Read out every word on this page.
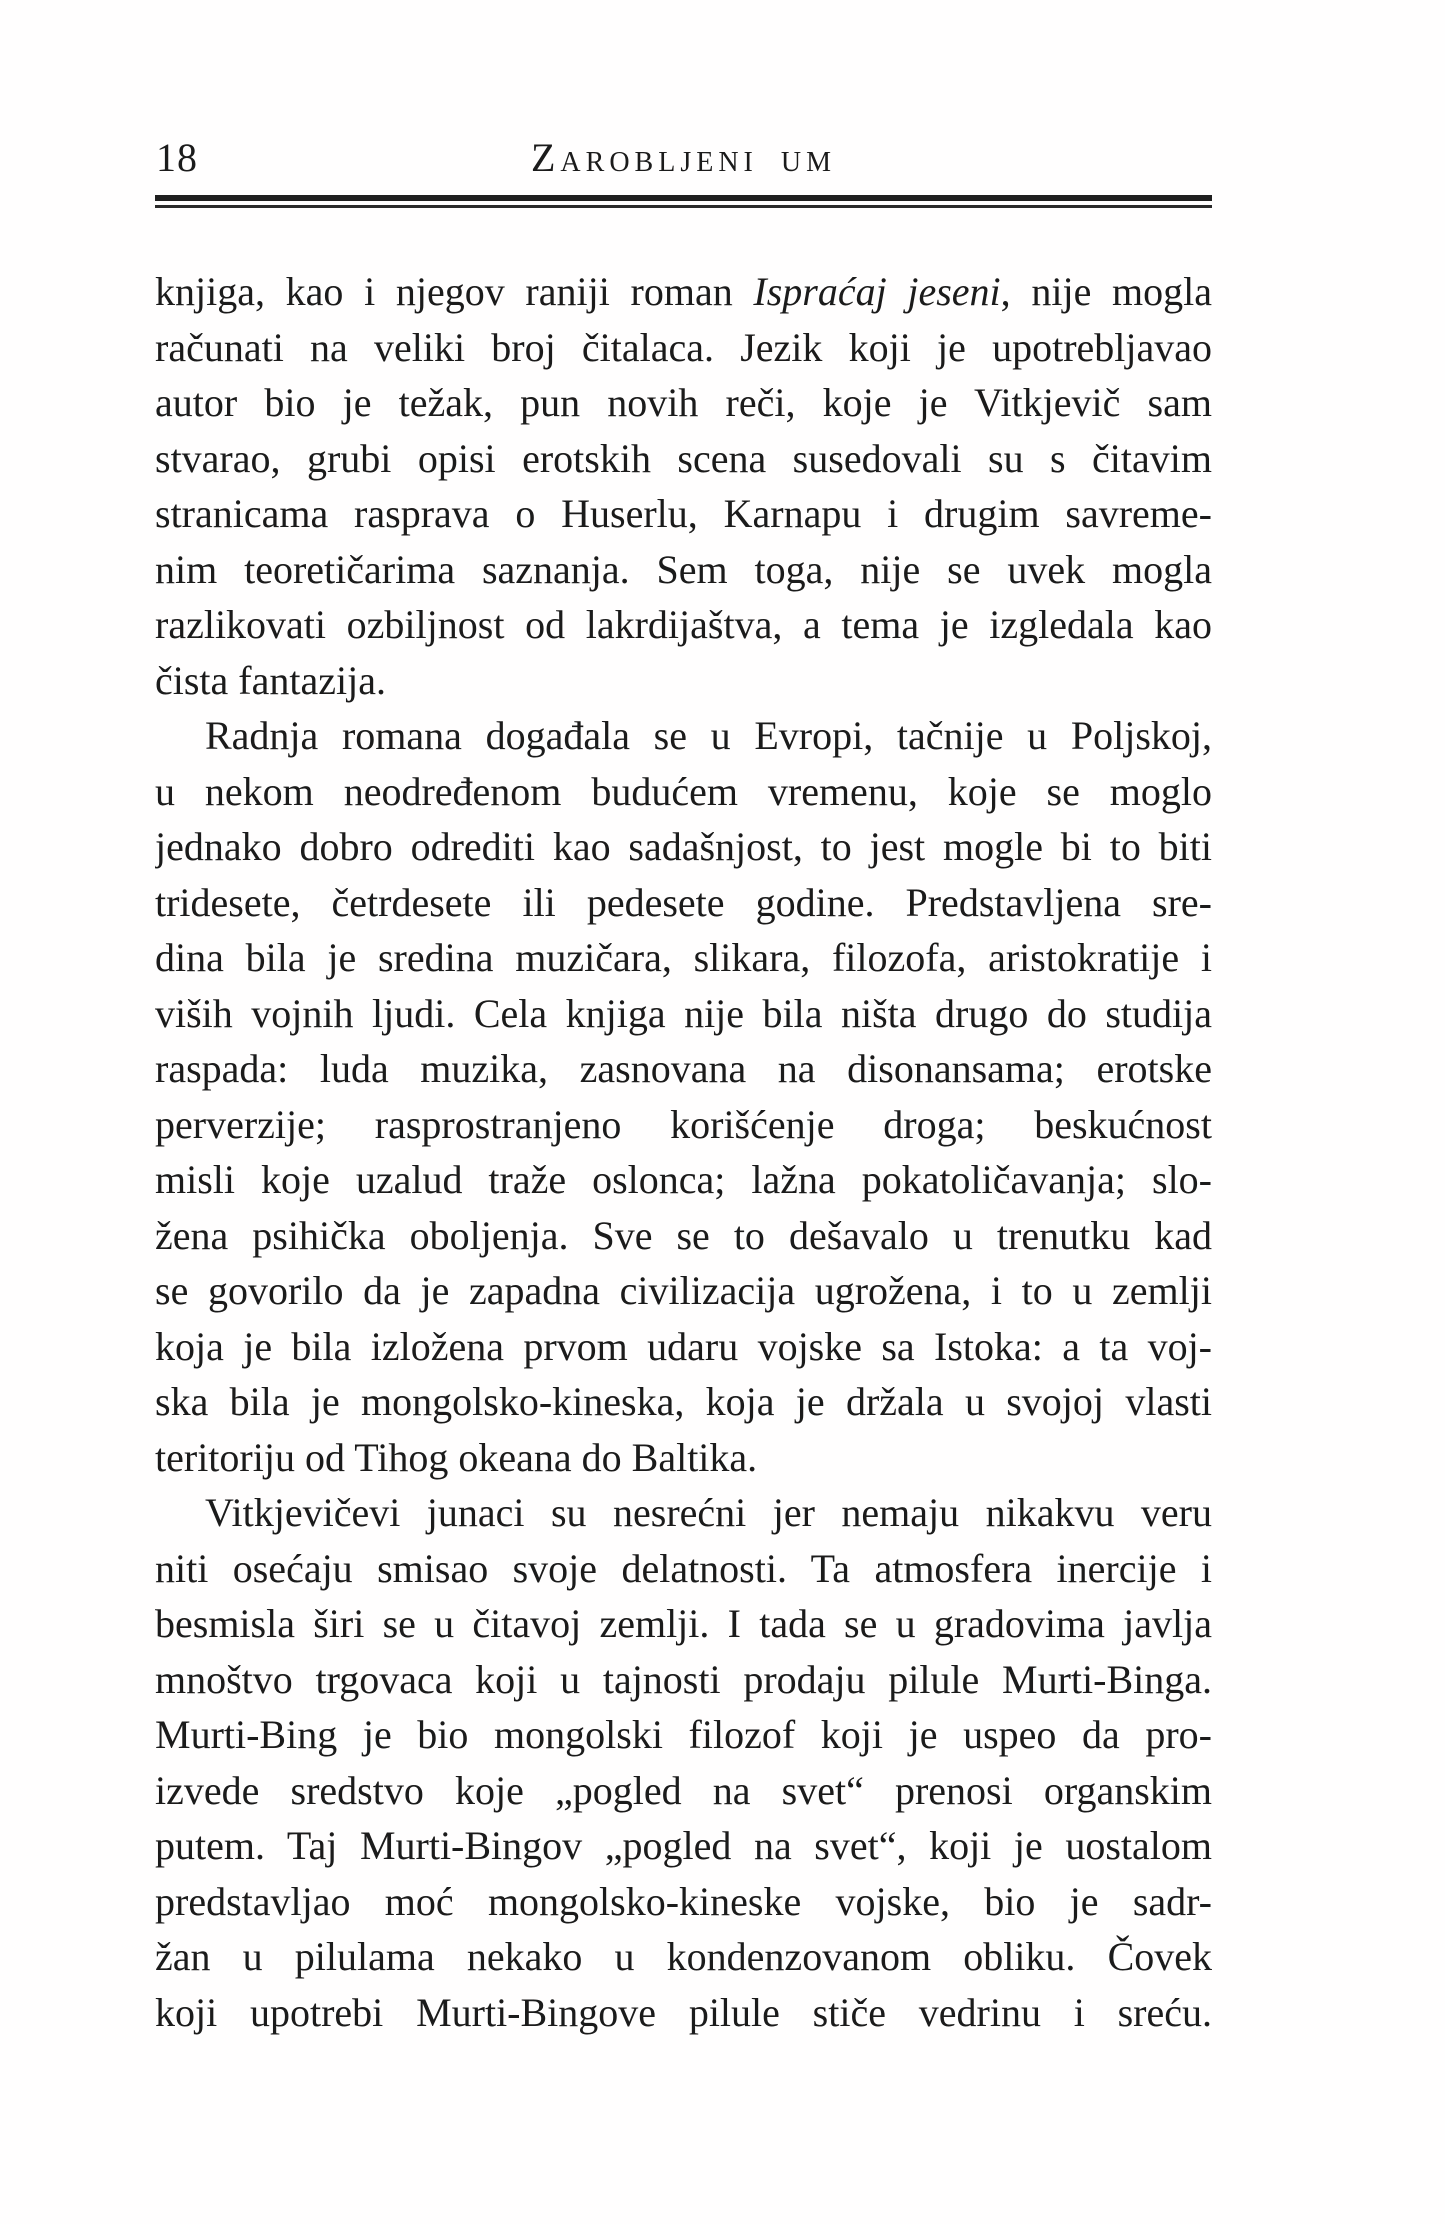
18	Zarobljeni um
knjiga, kao i njegov raniji roman Ispraćaj jeseni, nije mogla
računati na veliki broj čitalaca. Jezik koji je upotrebljavao
autor bio je težak, pun novih reči, koje je Vitkjevič sam
stvarao, grubi opisi erotskih scena susedovali su s čitavim
stranicama rasprava o Huserlu, Karnapu i drugim savreme-
nim teoretičarima saznanja. Sem toga, nije se uvek mogla
razlikovati ozbiljnost od lakrdijaštva, a tema je izgledala kao
čista fantazija.
Radnja romana događala se u Evropi, tačnije u Poljskoj,
u nekom neodređenom budućem vremenu, koje se moglo
jednako dobro odrediti kao sadašnjost, to jest mogle bi to biti
tridesete, četrdesete ili pedesete godine. Predstavljena sre-
dina bila je sredina muzičara, slikara, filozofa, aristokratije i
viših vojnih ljudi. Cela knjiga nije bila ništa drugo do studija
raspada: luda muzika, zasnovana na disonansama; erotske
perverzije; rasprostranjeno korišćenje droga; beskućnost
misli koje uzalud traže oslonca; lažna pokatoličavanja; slo-
žena psihička oboljenja. Sve se to dešavalo u trenutku kad
se govorilo da je zapadna civilizacija ugrožena, i to u zemlji
koja je bila izložena prvom udaru vojske sa Istoka: a ta voj-
ska bila je mongolsko-kineska, koja je držala u svojoj vlasti
teritoriju od Tihog okeana do Baltika.
Vitkjevičevi junaci su nesrećni jer nemaju nikakvu veru
niti osećaju smisao svoje delatnosti. Ta atmosfera inercije i
besmisla širi se u čitavoj zemlji. I tada se u gradovima javlja
mnoštvo trgovaca koji u tajnosti prodaju pilule Murti-Binga.
Murti-Bing je bio mongolski filozof koji je uspeo da pro-
izvede sredstvo koje „pogled na svet“ prenosi organskim
putem. Taj Murti-Bingov „pogled na svet“, koji je uostalom
predstavljao moć mongolsko-kineske vojske, bio je sadr-
žan u pilulama nekako u kondenzovanom obliku. Čovek
koji upotrebi Murti-Bingove pilule stiče vedrinu i sreću.
